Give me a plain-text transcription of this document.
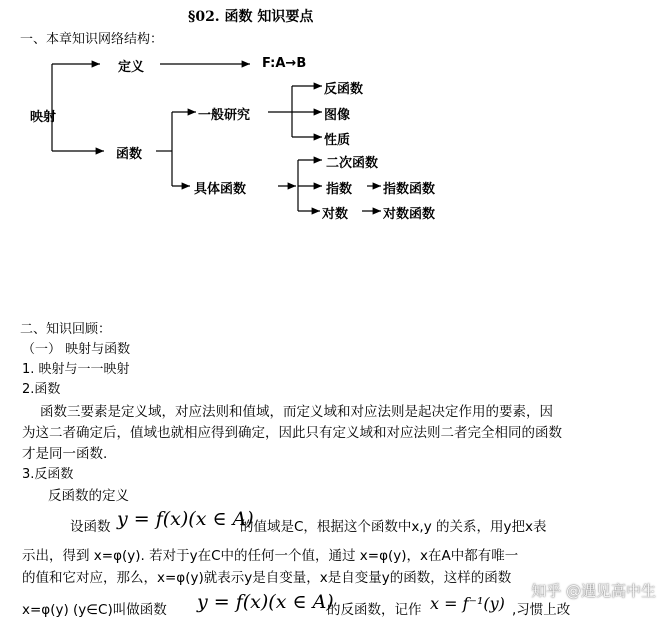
§02. 函数 知识要点
一、本章知识网络结构：
映射
定义	F:A→B
函数
一般研究
反函数
图像
性质
具体函数
二次函数
指数 指数函数
对数	对数函数
二、知识回顾：
（一） 映射与函数
1. 映射与一一映射
2.函数
函数三要素是定义域，对应法则和值域，而定义域和对应法则是起决定作用的要素，因
为这二者确定后，值域也就相应得到确定，因此只有定义域和对应法则二者完全相同的函数
才是同一函数.
3.反函数
反函数的定义
设函数 y = f(x)(x ∈ A)
的值域是C，根据这个函数中x,y 的关系，用y把x表
示出，得到 x=φ(y). 若对于y在C中的任何一个值，通过 x=φ(y)，x在A中都有唯一
的值和它对应，那么，x=φ(y)就表示y是自变量，x是自变量y的函数，这样的函数
x=φ(y) (y∈C)叫做函数 y = f(x)(x ∈ A)
的反函数，记作 x = f⁻¹(y) ,习惯上改
知乎 @遇见高中生
